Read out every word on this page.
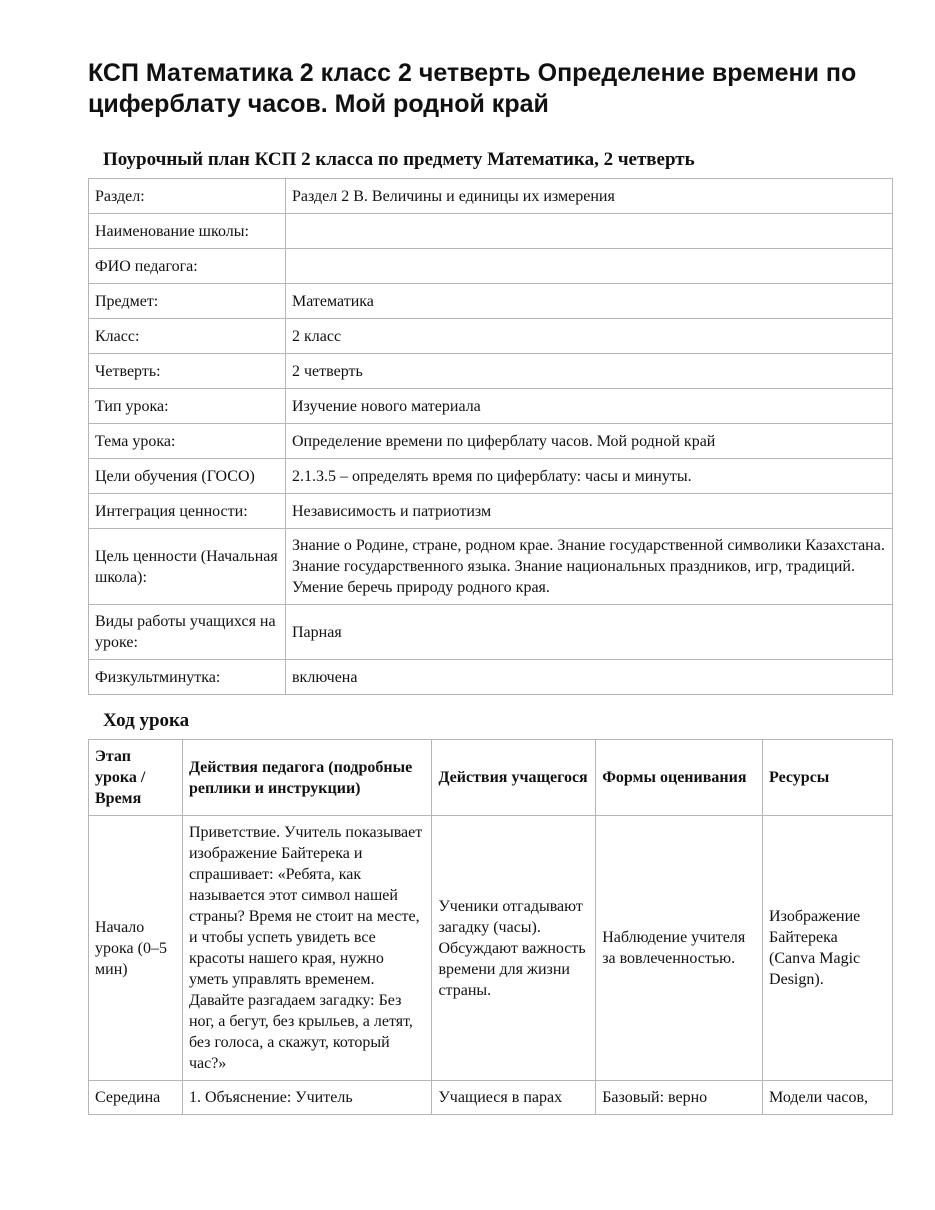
КСП Математика 2 класс 2 четверть Определение времени по циферблату часов. Мой родной край
Поурочный план КСП 2 класса по предмету Математика, 2 четверть
Раздел:	Раздел 2 В. Величины и единицы их измерения
Наименование школы:	
ФИО педагога:	
Предмет:	Математика
Класс:	2 класс
Четверть:	2 четверть
Тип урока:	Изучение нового материала
Тема урока:	Определение времени по циферблату часов. Мой родной край
Цели обучения (ГОСО)	2.1.3.5 – определять время по циферблату: часы и минуты.
Интеграция ценности:	Независимость и патриотизм
Цель ценности (Начальная школа):	Знание о Родине, стране, родном крае. Знание государственной символики Казахстана. Знание государственного языка. Знание национальных праздников, игр, традиций. Умение беречь природу родного края.
Виды работы учащихся на уроке:	Парная
Физкультминутка:	включена
Ход урока
Этап урока / Время	Действия педагога (подробные реплики и инструкции)	Действия учащегося	Формы оценивания	Ресурсы
Начало урока (0–5 мин)	Приветствие. Учитель показывает изображение Байтерека и спрашивает: «Ребята, как называется этот символ нашей страны? Время не стоит на месте, и чтобы успеть увидеть все красоты нашего края, нужно уметь управлять временем. Давайте разгадаем загадку: Без ног, а бегут, без крыльев, а летят, без голоса, а скажут, который час?»	Ученики отгадывают загадку (часы). Обсуждают важность времени для жизни страны.	Наблюдение учителя за вовлеченностью.	Изображение Байтерека (Canva Magic Design).
Середина	1. Объяснение: Учитель	Учащиеся в парах	Базовый: верно	Модели часов,
